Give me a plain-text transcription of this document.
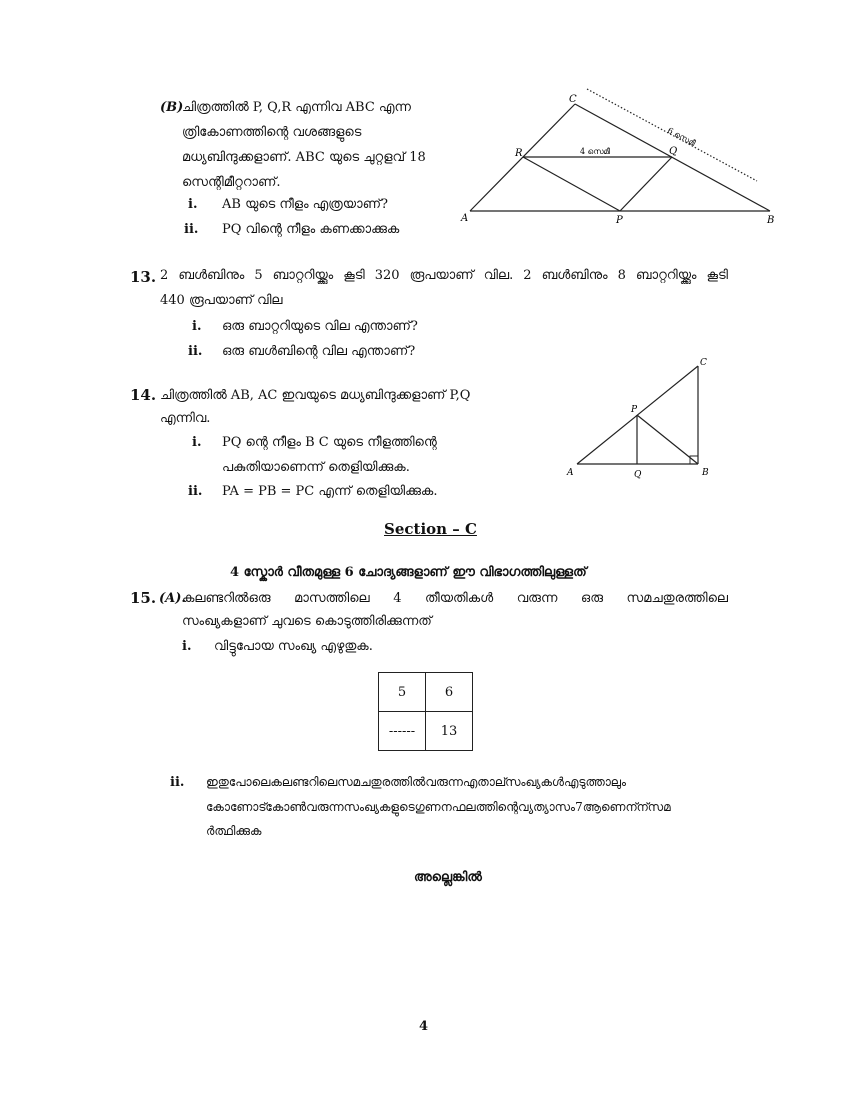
(B)
ചിത്രത്തിൽ P, Q,R എന്നിവ ABC എന്ന
ത്രികോണത്തിന്റെ വശങ്ങളുടെ
മധ്യബിന്ദുക്കളാണ്. ABC യുടെ ചുറ്റളവ് 18
സെന്റിമീറ്ററാണ്.
i. AB യുടെ നീളം എത്രയാണ്?
ii. PQ വിന്റെ നീളം കണക്കാക്കുക
C
R	Q
A	P	B
4 സെമീ
6 സെമീ
13. 2 ബൾബിനും 5 ബാറ്ററിയ്ക്കും കൂടി 320 രൂപയാണ് വില. 2 ബൾബിനും 8 ബാറ്ററിയ്ക്കും കൂടി
440 രൂപയാണ് വില
i. ഒരു ബാറ്ററിയുടെ വില എന്താണ്?
ii. ഒരു ബൾബിന്റെ വില എന്താണ്?
14. ചിത്രത്തിൽ AB, AC ഇവയുടെ മധ്യബിന്ദുക്കളാണ് P,Q
എന്നിവ.
i. PQ ന്റെ നീളം B C യുടെ നീളത്തിന്റെ
പകുതിയാണെന്ന് തെളിയിക്കുക.
ii. PA = PB = PC എന്ന് തെളിയിക്കുക.
C
P
A	Q	B
Section – C
4 സ്കോർ വീതമുള്ള 6 ചോദ്യങ്ങളാണ് ഈ വിഭാഗത്തിലുള്ളത്
15. (A).
കലണ്ടറിൽഒരു മാസത്തിലെ 4 തീയതികൾ വരുന്ന ഒരു സമചതുരത്തിലെ
സംഖ്യകളാണ് ചുവടെ കൊടുത്തിരിക്കുന്നത്
i. വിട്ടുപോയ സംഖ്യ എഴുതുക.
5	6
------	13
ii. ഇതുപോലെകലണ്ടറിലെസമചതുരത്തിൽവരുന്നഎതാല്സംഖ്യകൾഎടുത്താലും
കോണോട്കോൺവരുന്നസംഖ്യകളുടെഗുണനഫലത്തിന്റെവ്യത്യാസം7ആണെന്ന്സമ
ർത്ഥിക്കുക
അല്ലെങ്കിൽ
4
